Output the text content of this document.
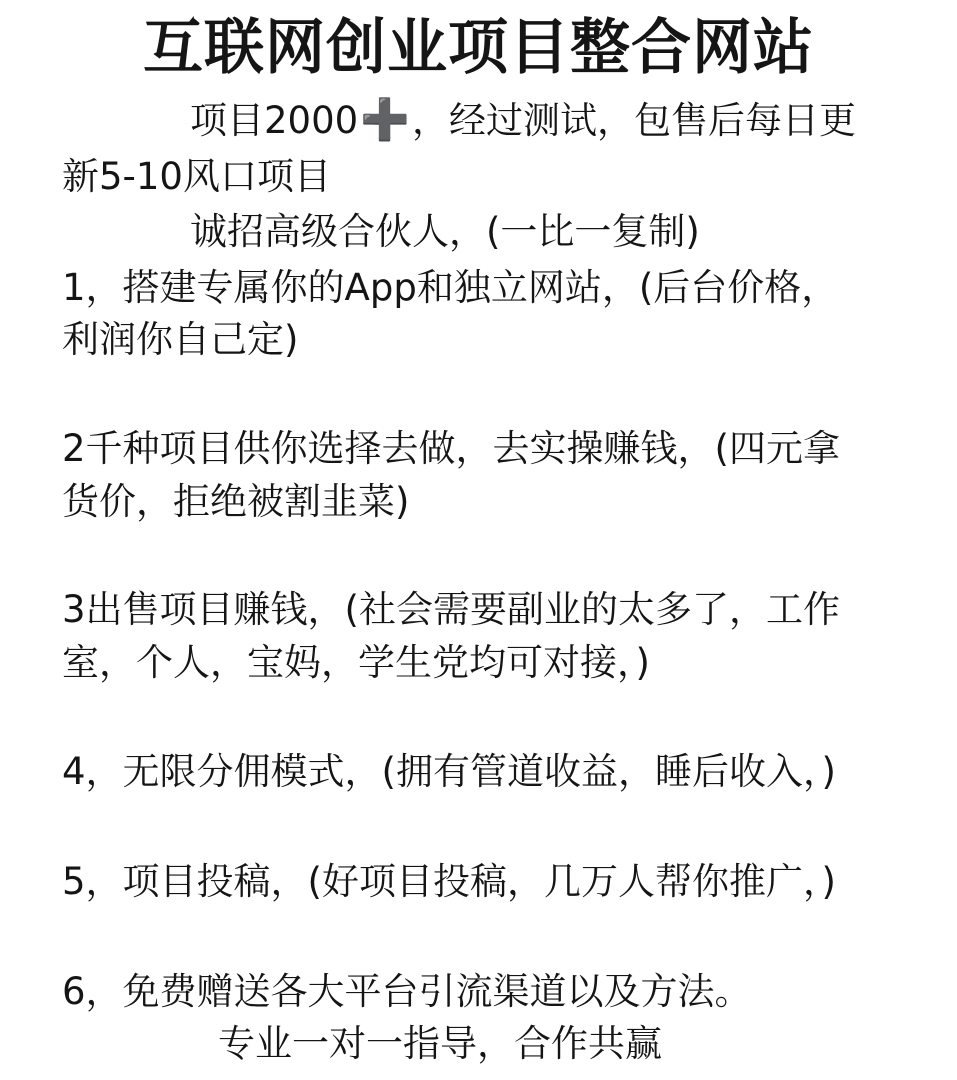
互联网创业项目整合网站
项目2000➕，经过测试，包售后每日更
新5-10风口项目
诚招高级合伙人，(一比一复制)
1，搭建专属你的App和独立网站，(后台价格，
利润你自己定)
2千种项目供你选择去做，去实操赚钱，(四元拿
货价，拒绝被割韭菜)
3出售项目赚钱，(社会需要副业的太多了，工作
室，个人，宝妈，学生党均可对接，)
4，无限分佣模式，(拥有管道收益，睡后收入，)
5，项目投稿，(好项目投稿，几万人帮你推广，)
6，免费赠送各大平台引流渠道以及方法。
专业一对一指导，合作共赢
